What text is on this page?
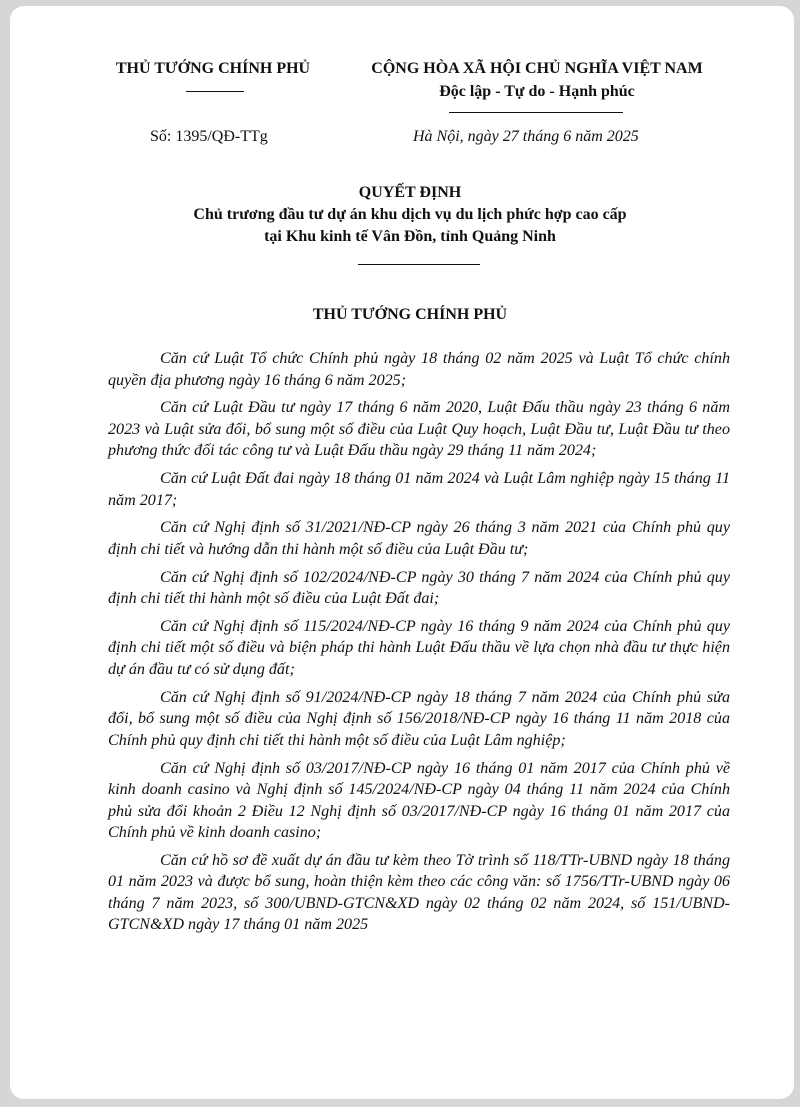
THỦ TƯỚNG CHÍNH PHỦ	CỘNG HÒA XÃ HỘI CHỦ NGHĨA VIỆT NAM
Độc lập - Tự do - Hạnh phúc
Số: 1395/QĐ-TTg	Hà Nội, ngày 27 tháng 6 năm 2025
QUYẾT ĐỊNH
Chủ trương đầu tư dự án khu dịch vụ du lịch phức hợp cao cấp
tại Khu kinh tế Vân Đồn, tỉnh Quảng Ninh
THỦ TƯỚNG CHÍNH PHỦ

Căn cứ Luật Tổ chức Chính phủ ngày 18 tháng 02 năm 2025 và Luật Tổ chức chính quyền địa phương ngày 16 tháng 6 năm 2025;

Căn cứ Luật Đầu tư ngày 17 tháng 6 năm 2020, Luật Đấu thầu ngày 23 tháng 6 năm 2023 và Luật sửa đổi, bổ sung một số điều của Luật Quy hoạch, Luật Đầu tư, Luật Đầu tư theo phương thức đối tác công tư và Luật Đấu thầu ngày 29 tháng 11 năm 2024;

Căn cứ Luật Đất đai ngày 18 tháng 01 năm 2024 và Luật Lâm nghiệp ngày 15 tháng 11 năm 2017;

Căn cứ Nghị định số 31/2021/NĐ-CP ngày 26 tháng 3 năm 2021 của Chính phủ quy định chi tiết và hướng dẫn thi hành một số điều của Luật Đầu tư;

Căn cứ Nghị định số 102/2024/NĐ-CP ngày 30 tháng 7 năm 2024 của Chính phủ quy định chi tiết thi hành một số điều của Luật Đất đai;

Căn cứ Nghị định số 115/2024/NĐ-CP ngày 16 tháng 9 năm 2024 của Chính phủ quy định chi tiết một số điều và biện pháp thi hành Luật Đấu thầu về lựa chọn nhà đầu tư thực hiện dự án đầu tư có sử dụng đất;

Căn cứ Nghị định số 91/2024/NĐ-CP ngày 18 tháng 7 năm 2024 của Chính phủ sửa đổi, bổ sung một số điều của Nghị định số 156/2018/NĐ-CP ngày 16 tháng 11 năm 2018 của Chính phủ quy định chi tiết thi hành một số điều của Luật Lâm nghiệp;

Căn cứ Nghị định số 03/2017/NĐ-CP ngày 16 tháng 01 năm 2017 của Chính phủ về kinh doanh casino và Nghị định số 145/2024/NĐ-CP ngày 04 tháng 11 năm 2024 của Chính phủ sửa đổi khoản 2 Điều 12 Nghị định số 03/2017/NĐ-CP ngày 16 tháng 01 năm 2017 của Chính phủ về kinh doanh casino;

Căn cứ hồ sơ đề xuất dự án đầu tư kèm theo Tờ trình số 118/TTr-UBND ngày 18 tháng 01 năm 2023 và được bổ sung, hoàn thiện kèm theo các công văn: số 1756/TTr-UBND ngày 06 tháng 7 năm 2023, số 300/UBND-GTCN&XD ngày 02 tháng 02 năm 2024, số 151/UBND-GTCN&XD ngày 17 tháng 01 năm 2025
